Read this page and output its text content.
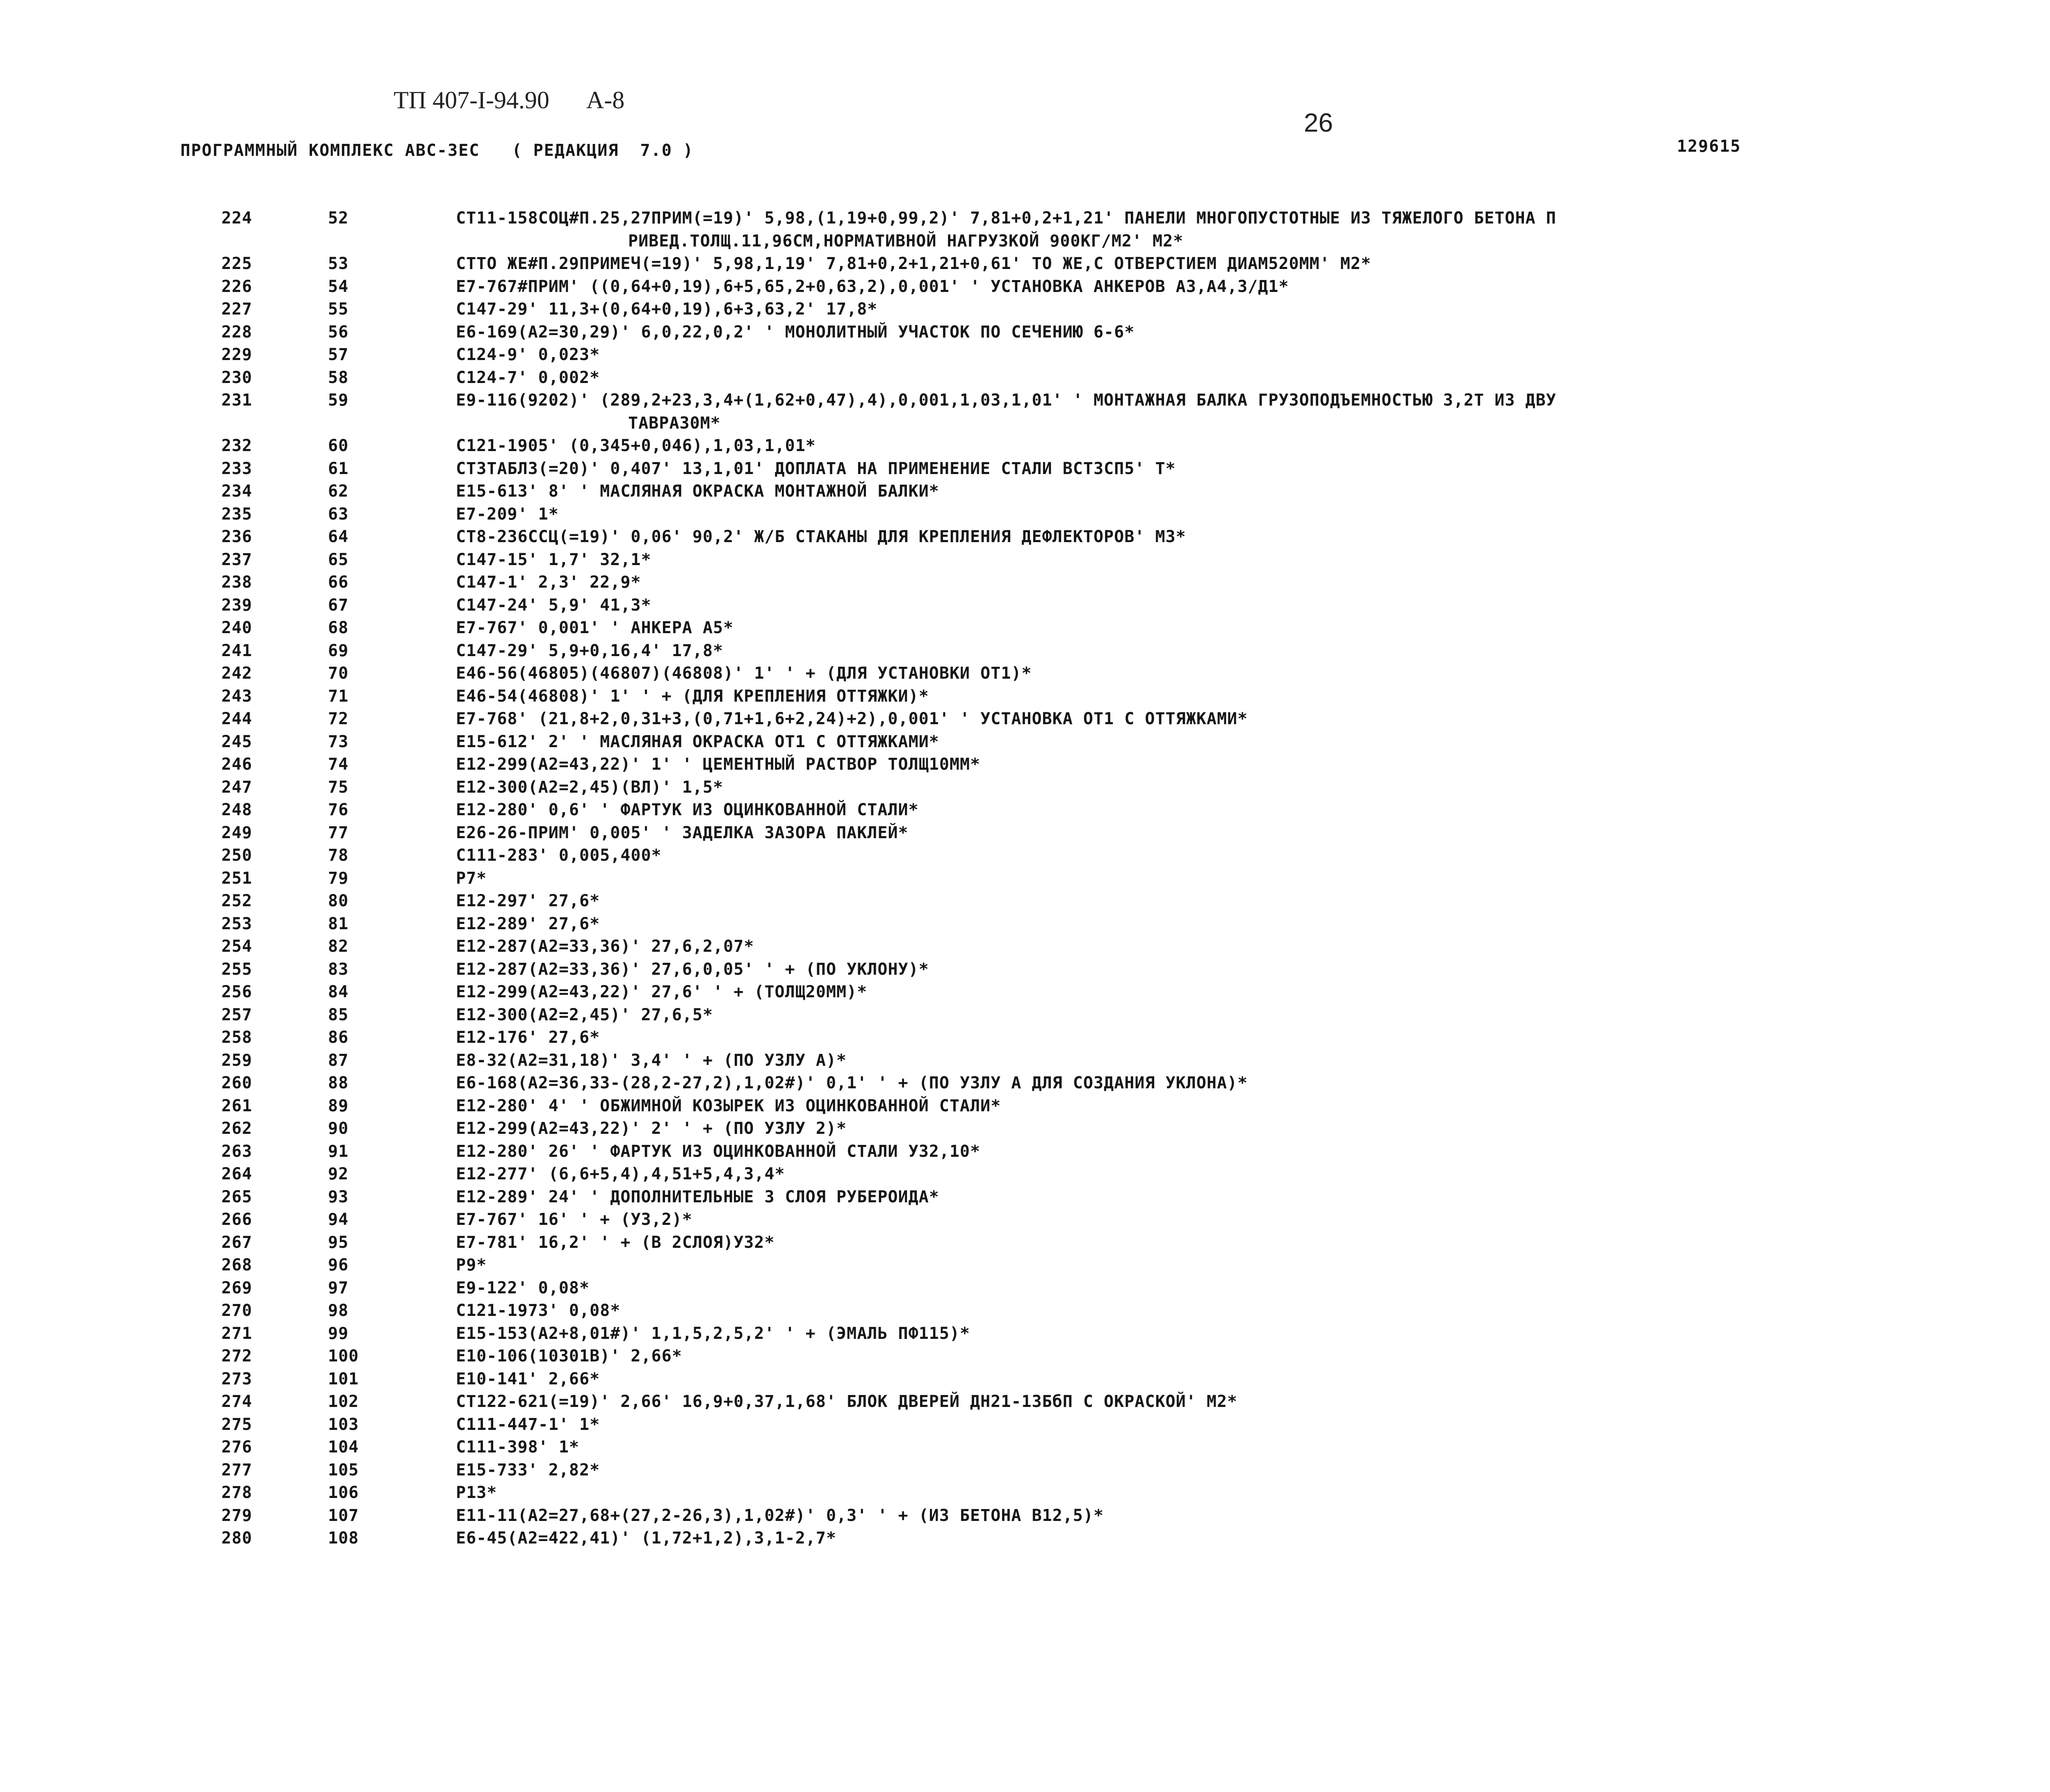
ТП 407-I-94.90 А-8
26
ПРОГРАММНЫЙ КОМПЛЕКС АВС-3ЕС   ( РЕДАКЦИЯ  7.0 )	129615
224	52	СТ11-158СОЦ#П.25,27ПРИМ(=19)' 5,98,(1,19+0,99,2)' 7,81+0,2+1,21' ПАНЕЛИ МНОГОПУСТОТНЫЕ ИЗ ТЯЖЕЛОГО БЕТОНА П
РИВЕД.ТОЛЩ.11,96СМ,НОРМАТИВНОЙ НАГРУЗКОЙ 900КГ/М2' М2*
225	53	СТТО ЖЕ#П.29ПРИМЕЧ(=19)' 5,98,1,19' 7,81+0,2+1,21+0,61' ТО ЖЕ,С ОТВЕРСТИЕМ ДИАМ520ММ' М2*
226	54	Е7-767#ПРИМ' ((0,64+0,19),6+5,65,2+0,63,2),0,001' ' УСТАНОВКА АНКЕРОВ А3,А4,3/Д1*
227	55	С147-29' 11,3+(0,64+0,19),6+3,63,2' 17,8*
228	56	Е6-169(А2=30,29)' 6,0,22,0,2' ' МОНОЛИТНЫЙ УЧАСТОК ПО СЕЧЕНИЮ 6-6*
229	57	С124-9' 0,023*
230	58	С124-7' 0,002*
231	59	Е9-116(9202)' (289,2+23,3,4+(1,62+0,47),4),0,001,1,03,1,01' ' МОНТАЖНАЯ БАЛКА ГРУЗОПОДЪЕМНОСТЬЮ 3,2Т ИЗ ДВУ
ТАВРА30М*
232	60	С121-1905' (0,345+0,046),1,03,1,01*
233	61	СТ3ТАБЛ3(=20)' 0,407' 13,1,01' ДОПЛАТА НА ПРИМЕНЕНИЕ СТАЛИ ВСТ3СП5' Т*
234	62	Е15-613' 8' ' МАСЛЯНАЯ ОКРАСКА МОНТАЖНОЙ БАЛКИ*
235	63	Е7-209' 1*
236	64	СТ8-236ССЦ(=19)' 0,06' 90,2' Ж/Б СТАКАНЫ ДЛЯ КРЕПЛЕНИЯ ДЕФЛЕКТОРОВ' М3*
237	65	С147-15' 1,7' 32,1*
238	66	С147-1' 2,3' 22,9*
239	67	С147-24' 5,9' 41,3*
240	68	Е7-767' 0,001' ' АНКЕРА А5*
241	69	С147-29' 5,9+0,16,4' 17,8*
242	70	Е46-56(46805)(46807)(46808)' 1' ' + (ДЛЯ УСТАНОВКИ ОТ1)*
243	71	Е46-54(46808)' 1' ' + (ДЛЯ КРЕПЛЕНИЯ ОТТЯЖКИ)*
244	72	Е7-768' (21,8+2,0,31+3,(0,71+1,6+2,24)+2),0,001' ' УСТАНОВКА ОТ1 С ОТТЯЖКАМИ*
245	73	Е15-612' 2' ' МАСЛЯНАЯ ОКРАСКА ОТ1 С ОТТЯЖКАМИ*
246	74	Е12-299(А2=43,22)' 1' ' ЦЕМЕНТНЫЙ РАСТВОР ТОЛЩ10ММ*
247	75	Е12-300(А2=2,45)(ВЛ)' 1,5*
248	76	Е12-280' 0,6' ' ФАРТУК ИЗ ОЦИНКОВАННОЙ СТАЛИ*
249	77	Е26-26-ПРИМ' 0,005' ' ЗАДЕЛКА ЗАЗОРА ПАКЛЕЙ*
250	78	С111-283' 0,005,400*
251	79	Р7*
252	80	Е12-297' 27,6*
253	81	Е12-289' 27,6*
254	82	Е12-287(А2=33,36)' 27,6,2,07*
255	83	Е12-287(А2=33,36)' 27,6,0,05' ' + (ПО УКЛОНУ)*
256	84	Е12-299(А2=43,22)' 27,6' ' + (ТОЛЩ20ММ)*
257	85	Е12-300(А2=2,45)' 27,6,5*
258	86	Е12-176' 27,6*
259	87	Е8-32(А2=31,18)' 3,4' ' + (ПО УЗЛУ А)*
260	88	Е6-168(А2=36,33-(28,2-27,2),1,02#)' 0,1' ' + (ПО УЗЛУ А ДЛЯ СОЗДАНИЯ УКЛОНА)*
261	89	Е12-280' 4' ' ОБЖИМНОЙ КОЗЫРЕК ИЗ ОЦИНКОВАННОЙ СТАЛИ*
262	90	Е12-299(А2=43,22)' 2' ' + (ПО УЗЛУ 2)*
263	91	Е12-280' 26' ' ФАРТУК ИЗ ОЦИНКОВАННОЙ СТАЛИ У32,10*
264	92	Е12-277' (6,6+5,4),4,51+5,4,3,4*
265	93	Е12-289' 24' ' ДОПОЛНИТЕЛЬНЫЕ 3 СЛОЯ РУБЕРОИДА*
266	94	Е7-767' 16' ' + (У3,2)*
267	95	Е7-781' 16,2' ' + (В 2СЛОЯ)У32*
268	96	Р9*
269	97	Е9-122' 0,08*
270	98	С121-1973' 0,08*
271	99	Е15-153(А2+8,01#)' 1,1,5,2,5,2' ' + (ЭМАЛЬ ПФ115)*
272	100	Е10-106(10301В)' 2,66*
273	101	Е10-141' 2,66*
274	102	СТ122-621(=19)' 2,66' 16,9+0,37,1,68' БЛОК ДВЕРЕЙ ДН21-13БбП С ОКРАСКОЙ' М2*
275	103	С111-447-1' 1*
276	104	С111-398' 1*
277	105	Е15-733' 2,82*
278	106	Р13*
279	107	Е11-11(А2=27,68+(27,2-26,3),1,02#)' 0,3' ' + (ИЗ БЕТОНА В12,5)*
280	108	Е6-45(А2=422,41)' (1,72+1,2),3,1-2,7*
